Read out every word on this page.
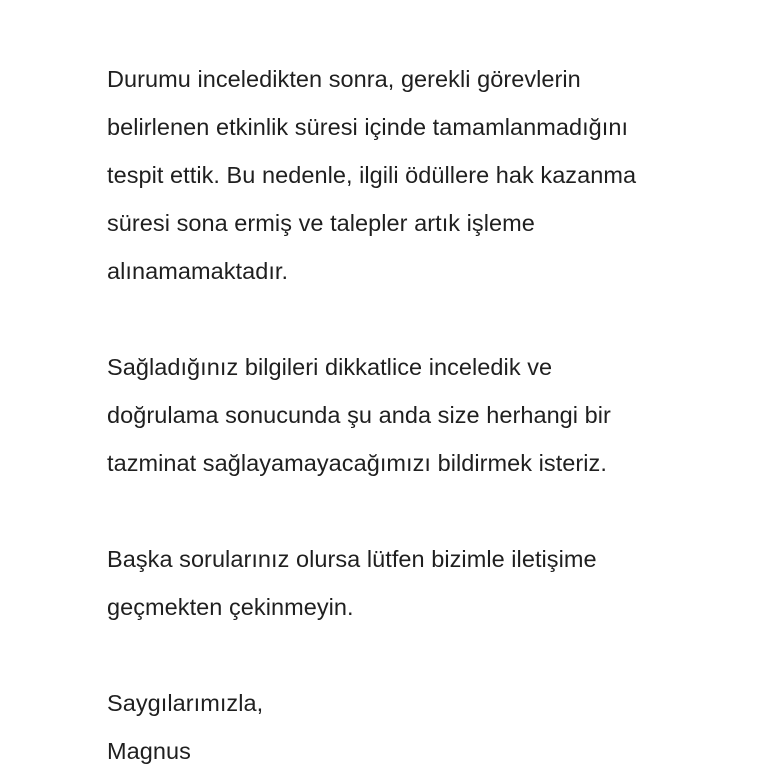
Durumu inceledikten sonra, gerekli görevlerin
belirlenen etkinlik süresi içinde tamamlanmadığını
tespit ettik. Bu nedenle, ilgili ödüllere hak kazanma
süresi sona ermiş ve talepler artık işleme
alınamamaktadır.
Sağladığınız bilgileri dikkatlice inceledik ve
doğrulama sonucunda şu anda size herhangi bir
tazminat sağlayamayacağımızı bildirmek isteriz.
Başka sorularınız olursa lütfen bizimle iletişime
geçmekten çekinmeyin.
Saygılarımızla,
Magnus
